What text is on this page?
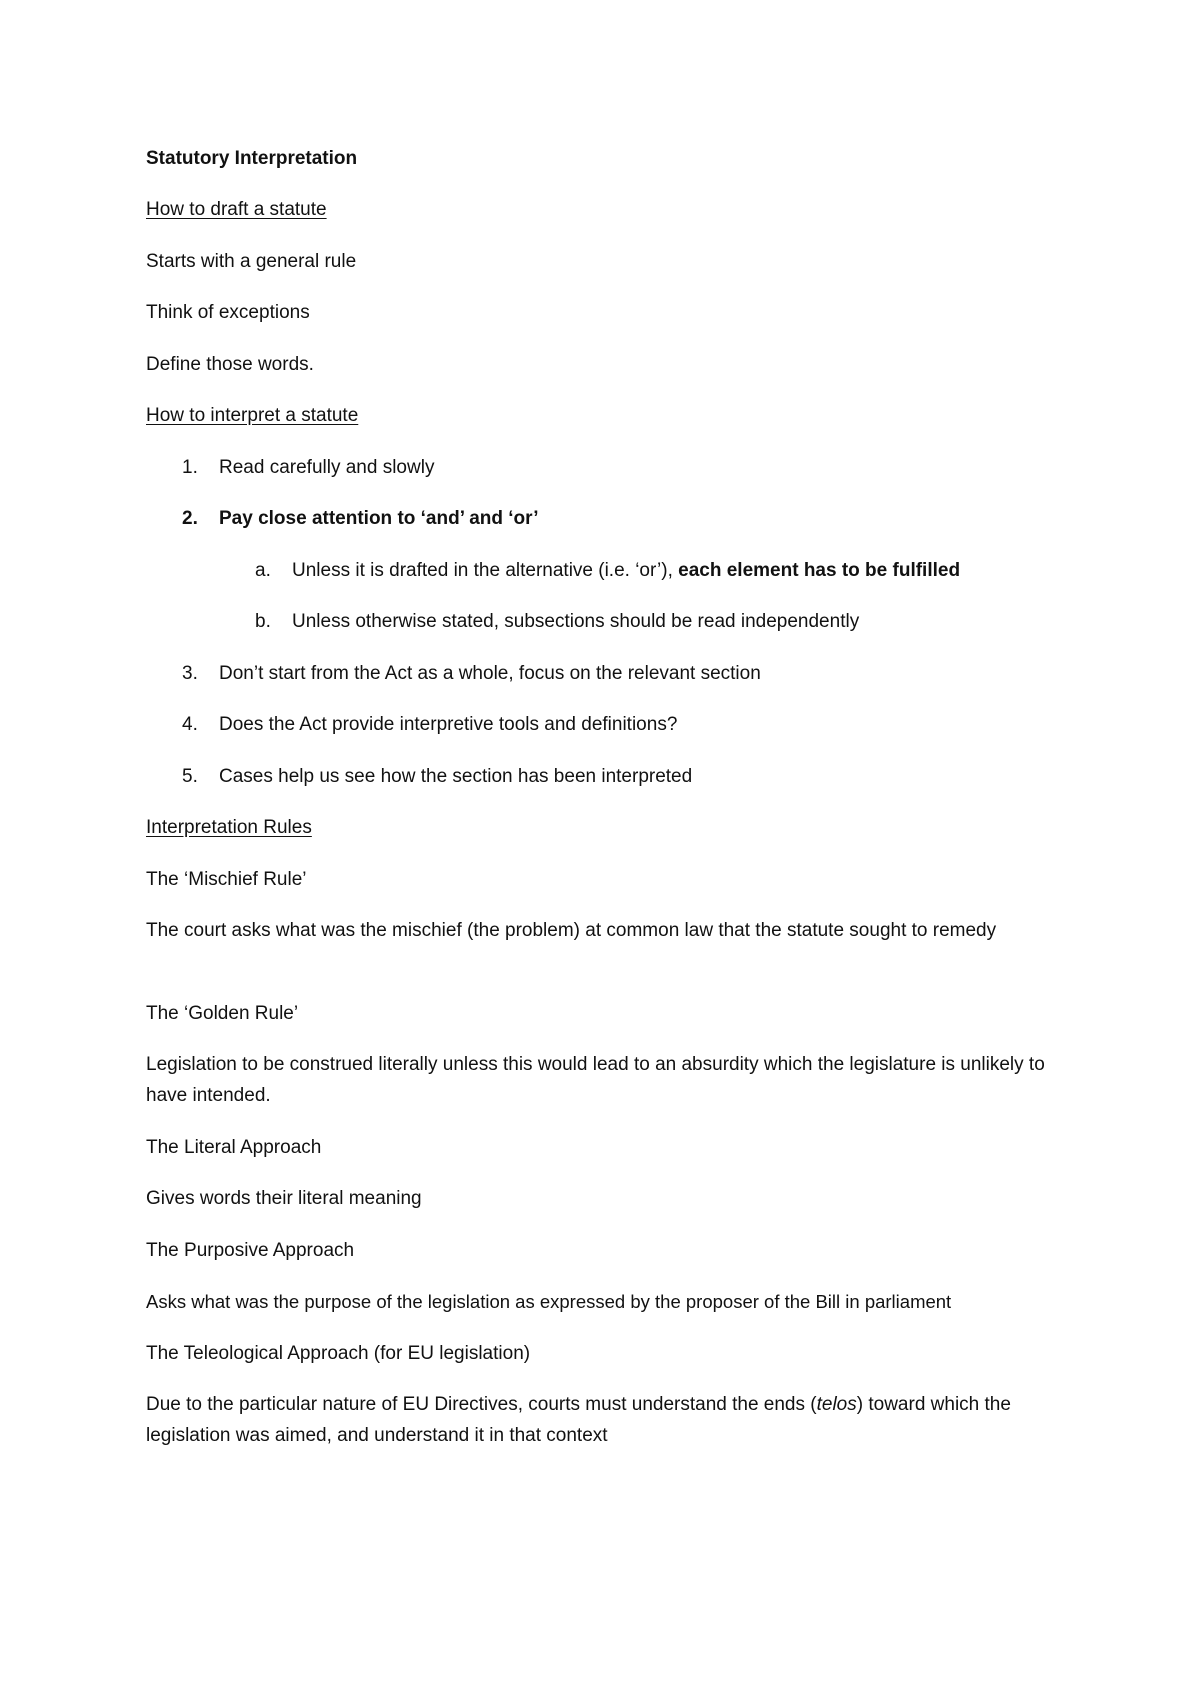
Statutory Interpretation

How to draft a statute

Starts with a general rule

Think of exceptions

Define those words.

How to interpret a statute

1. Read carefully and slowly
2. Pay close attention to ‘and’ and ‘or’
a. Unless it is drafted in the alternative (i.e. ‘or’), each element has to be fulfilled
b. Unless otherwise stated, subsections should be read independently
3. Don’t start from the Act as a whole, focus on the relevant section
4. Does the Act provide interpretive tools and definitions?
5. Cases help us see how the section has been interpreted

Interpretation Rules

The ‘Mischief Rule’

The court asks what was the mischief (the problem) at common law that the statute sought to remedy

The ‘Golden Rule’

Legislation to be construed literally unless this would lead to an absurdity which the legislature is unlikely to have intended.

The Literal Approach

Gives words their literal meaning

The Purposive Approach

Asks what was the purpose of the legislation as expressed by the proposer of the Bill in parliament

The Teleological Approach (for EU legislation)

Due to the particular nature of EU Directives, courts must understand the ends (telos) toward which the legislation was aimed, and understand it in that context
